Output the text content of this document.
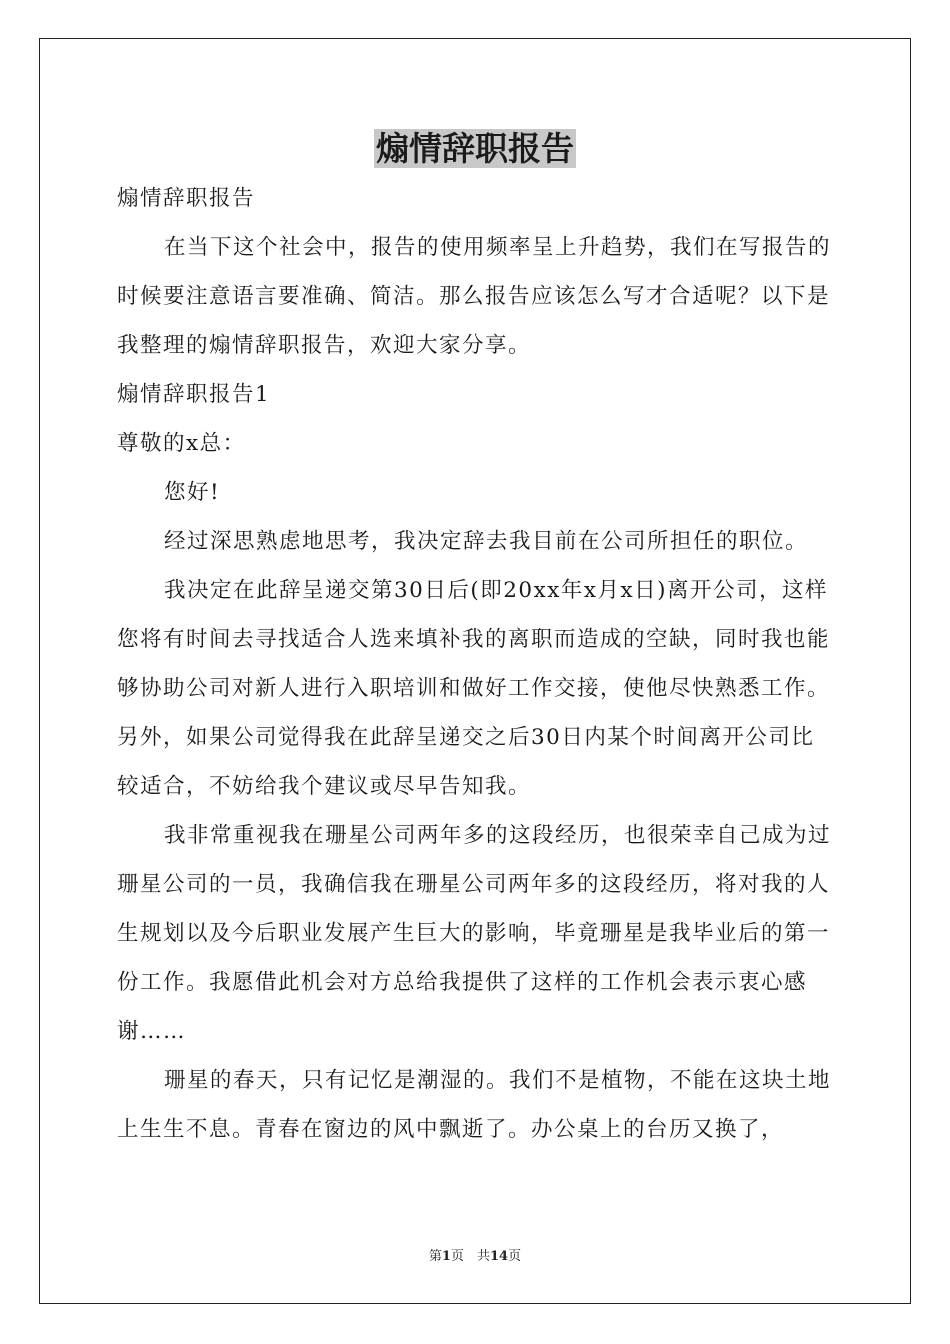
煽情辞职报告

煽情辞职报告

在当下这个社会中，报告的使用频率呈上升趋势，我们在写报告的时候要注意语言要准确、简洁。那么报告应该怎么写才合适呢？以下是我整理的煽情辞职报告，欢迎大家分享。

煽情辞职报告1

尊敬的x总：

您好!

经过深思熟虑地思考，我决定辞去我目前在公司所担任的职位。

我决定在此辞呈递交第30日后(即20xx年x月x日)离开公司，这样您将有时间去寻找适合人选来填补我的离职而造成的空缺，同时我也能够协助公司对新人进行入职培训和做好工作交接，使他尽快熟悉工作。另外，如果公司觉得我在此辞呈递交之后30日内某个时间离开公司比较适合，不妨给我个建议或尽早告知我。

我非常重视我在珊星公司两年多的这段经历，也很荣幸自己成为过珊星公司的一员，我确信我在珊星公司两年多的这段经历，将对我的人生规划以及今后职业发展产生巨大的影响，毕竟珊星是我毕业后的第一份工作。我愿借此机会对方总给我提供了这样的工作机会表示衷心感谢……

珊星的春天，只有记忆是潮湿的。我们不是植物，不能在这块土地上生生不息。青春在窗边的风中飘逝了。办公桌上的台历又换了，

第1页　共14页
